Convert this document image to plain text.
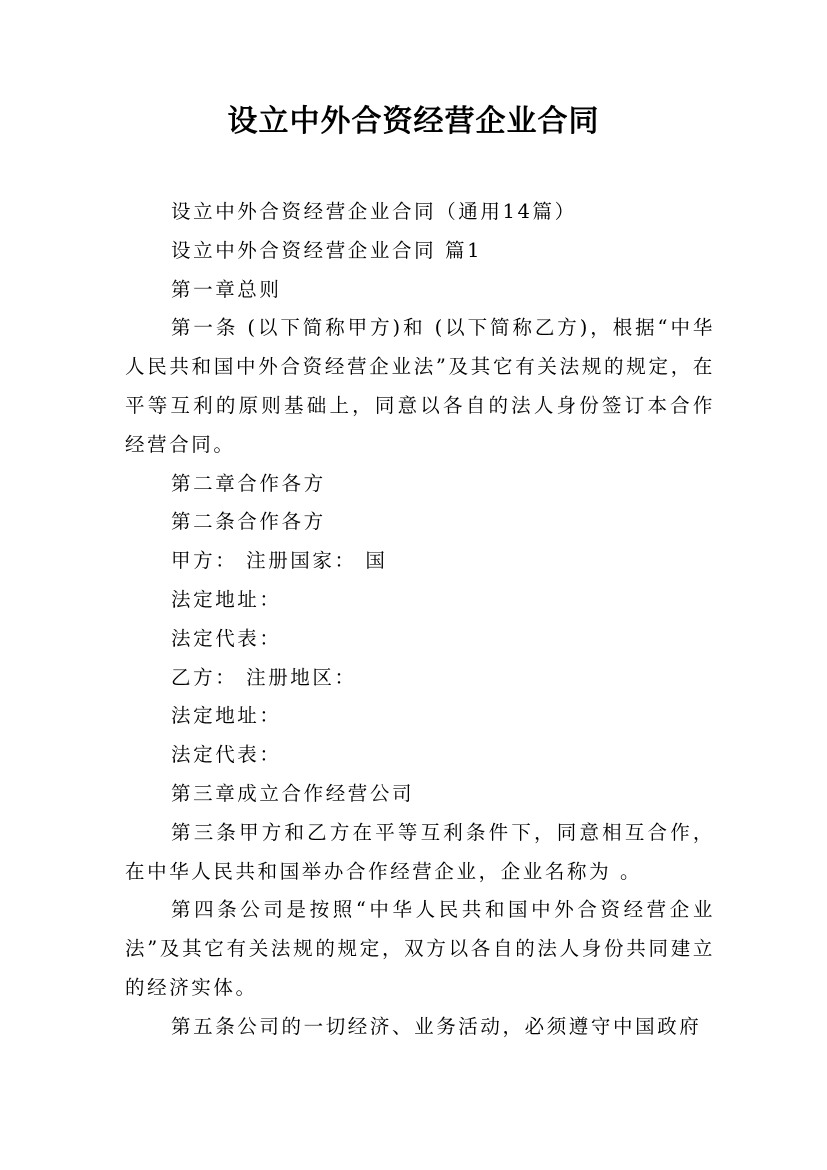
设立中外合资经营企业合同

设立中外合资经营企业合同（通用14篇）

设立中外合资经营企业合同 篇1

第一章总则

第一条 (以下简称甲方)和 (以下简称乙方)，根据“中华人民共和国中外合资经营企业法”及其它有关法规的规定，在平等互利的原则基础上，同意以各自的法人身份签订本合作经营合同。

第二章合作各方

第二条合作各方

甲方： 注册国家： 国

法定地址：

法定代表：

乙方： 注册地区：

法定地址：

法定代表：

第三章成立合作经营公司

第三条甲方和乙方在平等互利条件下，同意相互合作，在中华人民共和国举办合作经营企业，企业名称为 。

第四条公司是按照“中华人民共和国中外合资经营企业法”及其它有关法规的规定，双方以各自的法人身份共同建立的经济实体。

第五条公司的一切经济、业务活动，必须遵守中国政府
